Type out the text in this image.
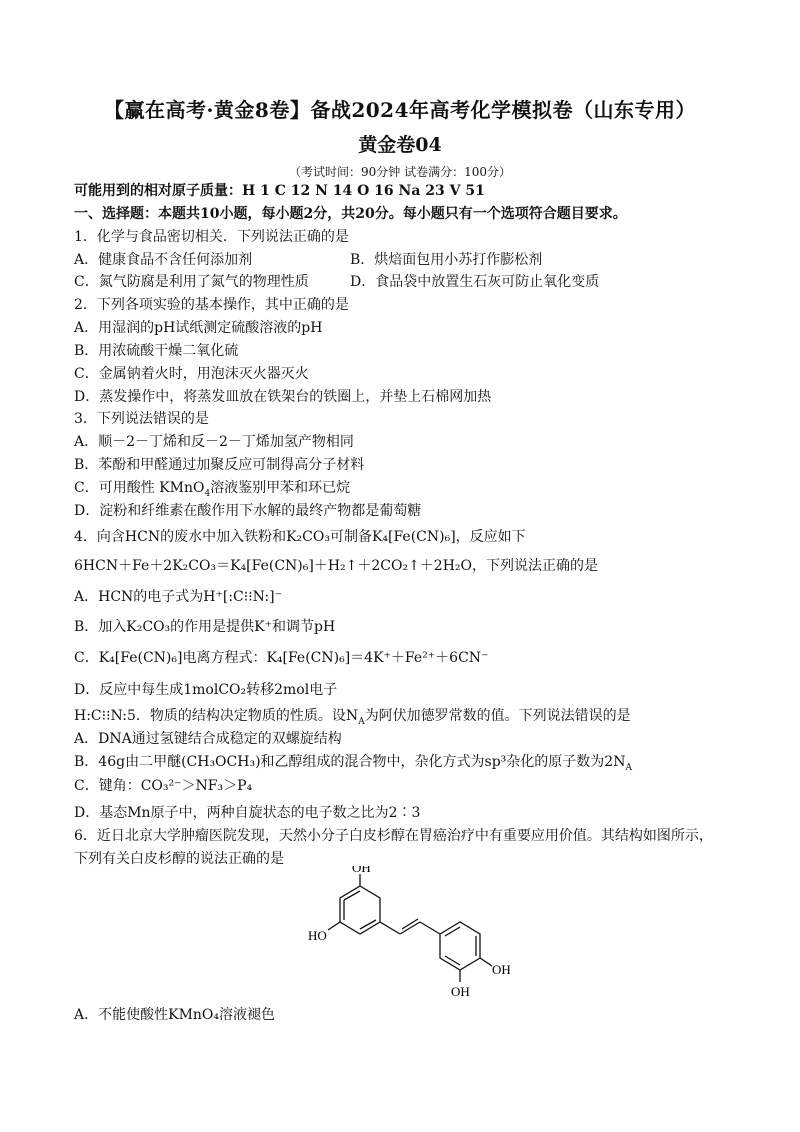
【赢在高考·黄金8卷】备战2024年高考化学模拟卷（山东专用）
黄金卷04
（考试时间：90分钟 试卷满分：100分）
可能用到的相对原子质量：H 1 C 12 N 14 O 16 Na 23 V 51
一、选择题：本题共10小题，每小题2分，共20分。每小题只有一个选项符合题目要求。
1．化学与食品密切相关．下列说法正确的是
A．健康食品不含任何添加剂	B．烘焙面包用小苏打作膨松剂
C．氮气防腐是利用了氮气的物理性质	D．食品袋中放置生石灰可防止氧化变质
2．下列各项实验的基本操作，其中正确的是
A．用湿润的pH试纸测定硫酸溶液的pH
B．用浓硫酸干燥二氧化硫
C．金属钠着火时，用泡沫灭火器灭火
D．蒸发操作中，将蒸发皿放在铁架台的铁圈上，并垫上石棉网加热
3．下列说法错误的是
A．顺－2－丁烯和反－2－丁烯加氢产物相同
B．苯酚和甲醛通过加聚反应可制得高分子材料
C．可用酸性 KMnO$_4$溶液鉴别甲苯和环已烷
D．淀粉和纤维素在酸作用下水解的最终产物都是葡萄糖
4．向含HCN的废水中加入铁粉和K₂CO₃可制备K₄[Fe(CN)₆]，反应如下
6HCN＋Fe＋2K₂CO₃＝K₄[Fe(CN)₆]＋H₂↑＋2CO₂↑＋2H₂O，下列说法正确的是
A．HCN的电子式为H⁺[:C⁝⁝N:]⁻
B．加入K₂CO₃的作用是提供K⁺和调节pH
C．K₄[Fe(CN)₆]电离方程式：K₄[Fe(CN)₆]＝4K⁺＋Fe²⁺＋6CN⁻
D．反应中每生成1molCO₂转移2mol电子
H:C⁝⁝N:5．物质的结构决定物质的性质。设$N_A$为阿伏加德罗常数的值。下列说法错误的是
A．DNA通过氢键结合成稳定的双螺旋结构
B．46g由二甲醚(CH₃OCH₃)和乙醇组成的混合物中，杂化方式为sp³杂化的原子数为$2N_A$
C．键角：CO₃²⁻＞NF₃＞P₄
D．基态Mn原子中，两种自旋状态的电子数之比为2∶3
6．近日北京大学肿瘤医院发现，天然小分子白皮杉醇在胃癌治疗中有重要应用价值。其结构如图所示，
下列有关白皮杉醇的说法正确的是
OH
HO
OH
OH
A．不能使酸性KMnO₄溶液褪色
